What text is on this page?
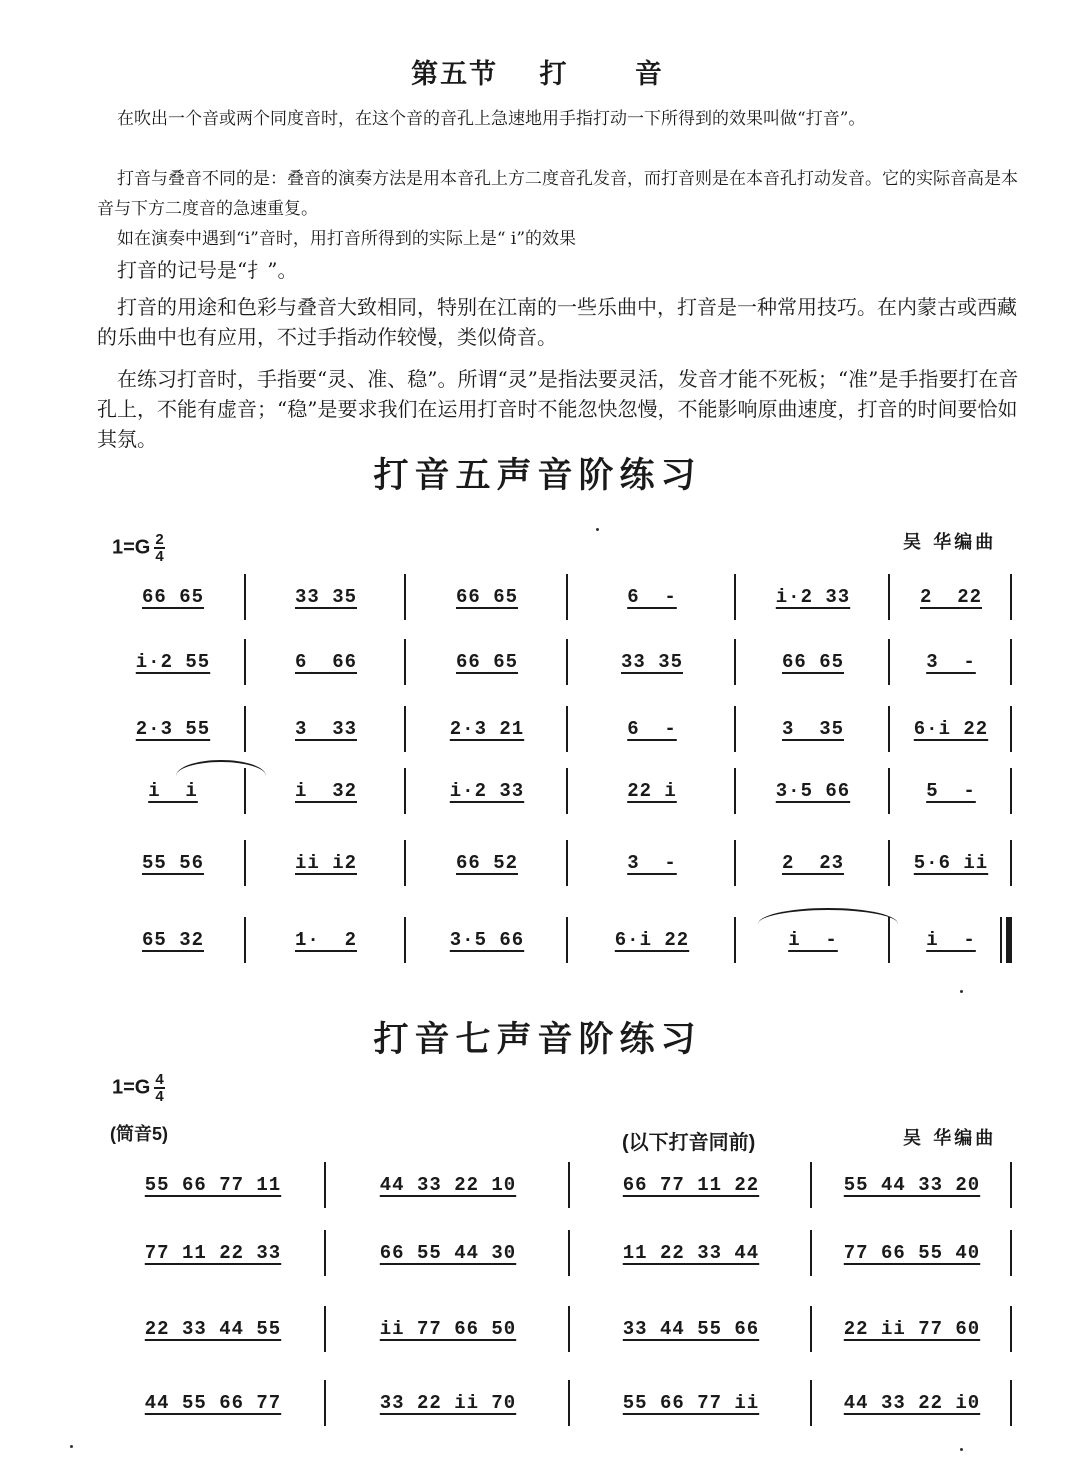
第五节 打 音

在吹出一个音或两个同度音时，在这个音的音孔上急速地用手指打动一下所得到的效果叫做“打音”。

打音与叠音不同的是：叠音的演奏方法是用本音孔上方二度音孔发音，而打音则是在本音孔打动发音。它的实际音高是本音与下方二度音的急速重复。

如在演奏中遇到“i”音时，用打音所得到的实际上是“ i”的效果

打音的记号是“扌”。

打音的用途和色彩与叠音大致相同，特别在江南的一些乐曲中，打音是一种常用技巧。在内蒙古或西藏的乐曲中也有应用，不过手指动作较慢，类似倚音。

在练习打音时，手指要“灵、准、稳”。所谓“灵”是指法要灵活，发音才能不死板；“准”是手指要打在音孔上，不能有虚音；“稳”是要求我们在运用打音时不能忽快忽慢，不能影响原曲速度，打音的时间要恰如其氛。

打音五声音阶练习
$1=G \frac{2}{4}$	吴 华编曲
66 65	33 35	66 65	6  -	i·2 33	2  22
i·2 55	6  66	66 65	33 35	66 65	3  -
2·3 55	3  33	2·3 21	6  -	3  35	6·i 22
i  i	i  32	i·2 33	22 i	3·5 66	5  -
55 56	ii i2	66 52	3  -	2  23	5·6 ii
65 32	1·  2	3·5 66	6·i 22	i  -	i  -
打音七声音阶练习
$1=G \frac{4}{4}$
(筒音5)	(以下打音同前)	吴 华编曲
55 66 77 11	44 33 22 10	66 77 11 22	55 44 33 20
77 11 22 33	66 55 44 30	11 22 33 44	77 66 55 40
22 33 44 55	ii 77 66 50	33 44 55 66	22 ii 77 60
44 55 66 77	33 22 ii 70	55 66 77 ii	44 33 22 i0
